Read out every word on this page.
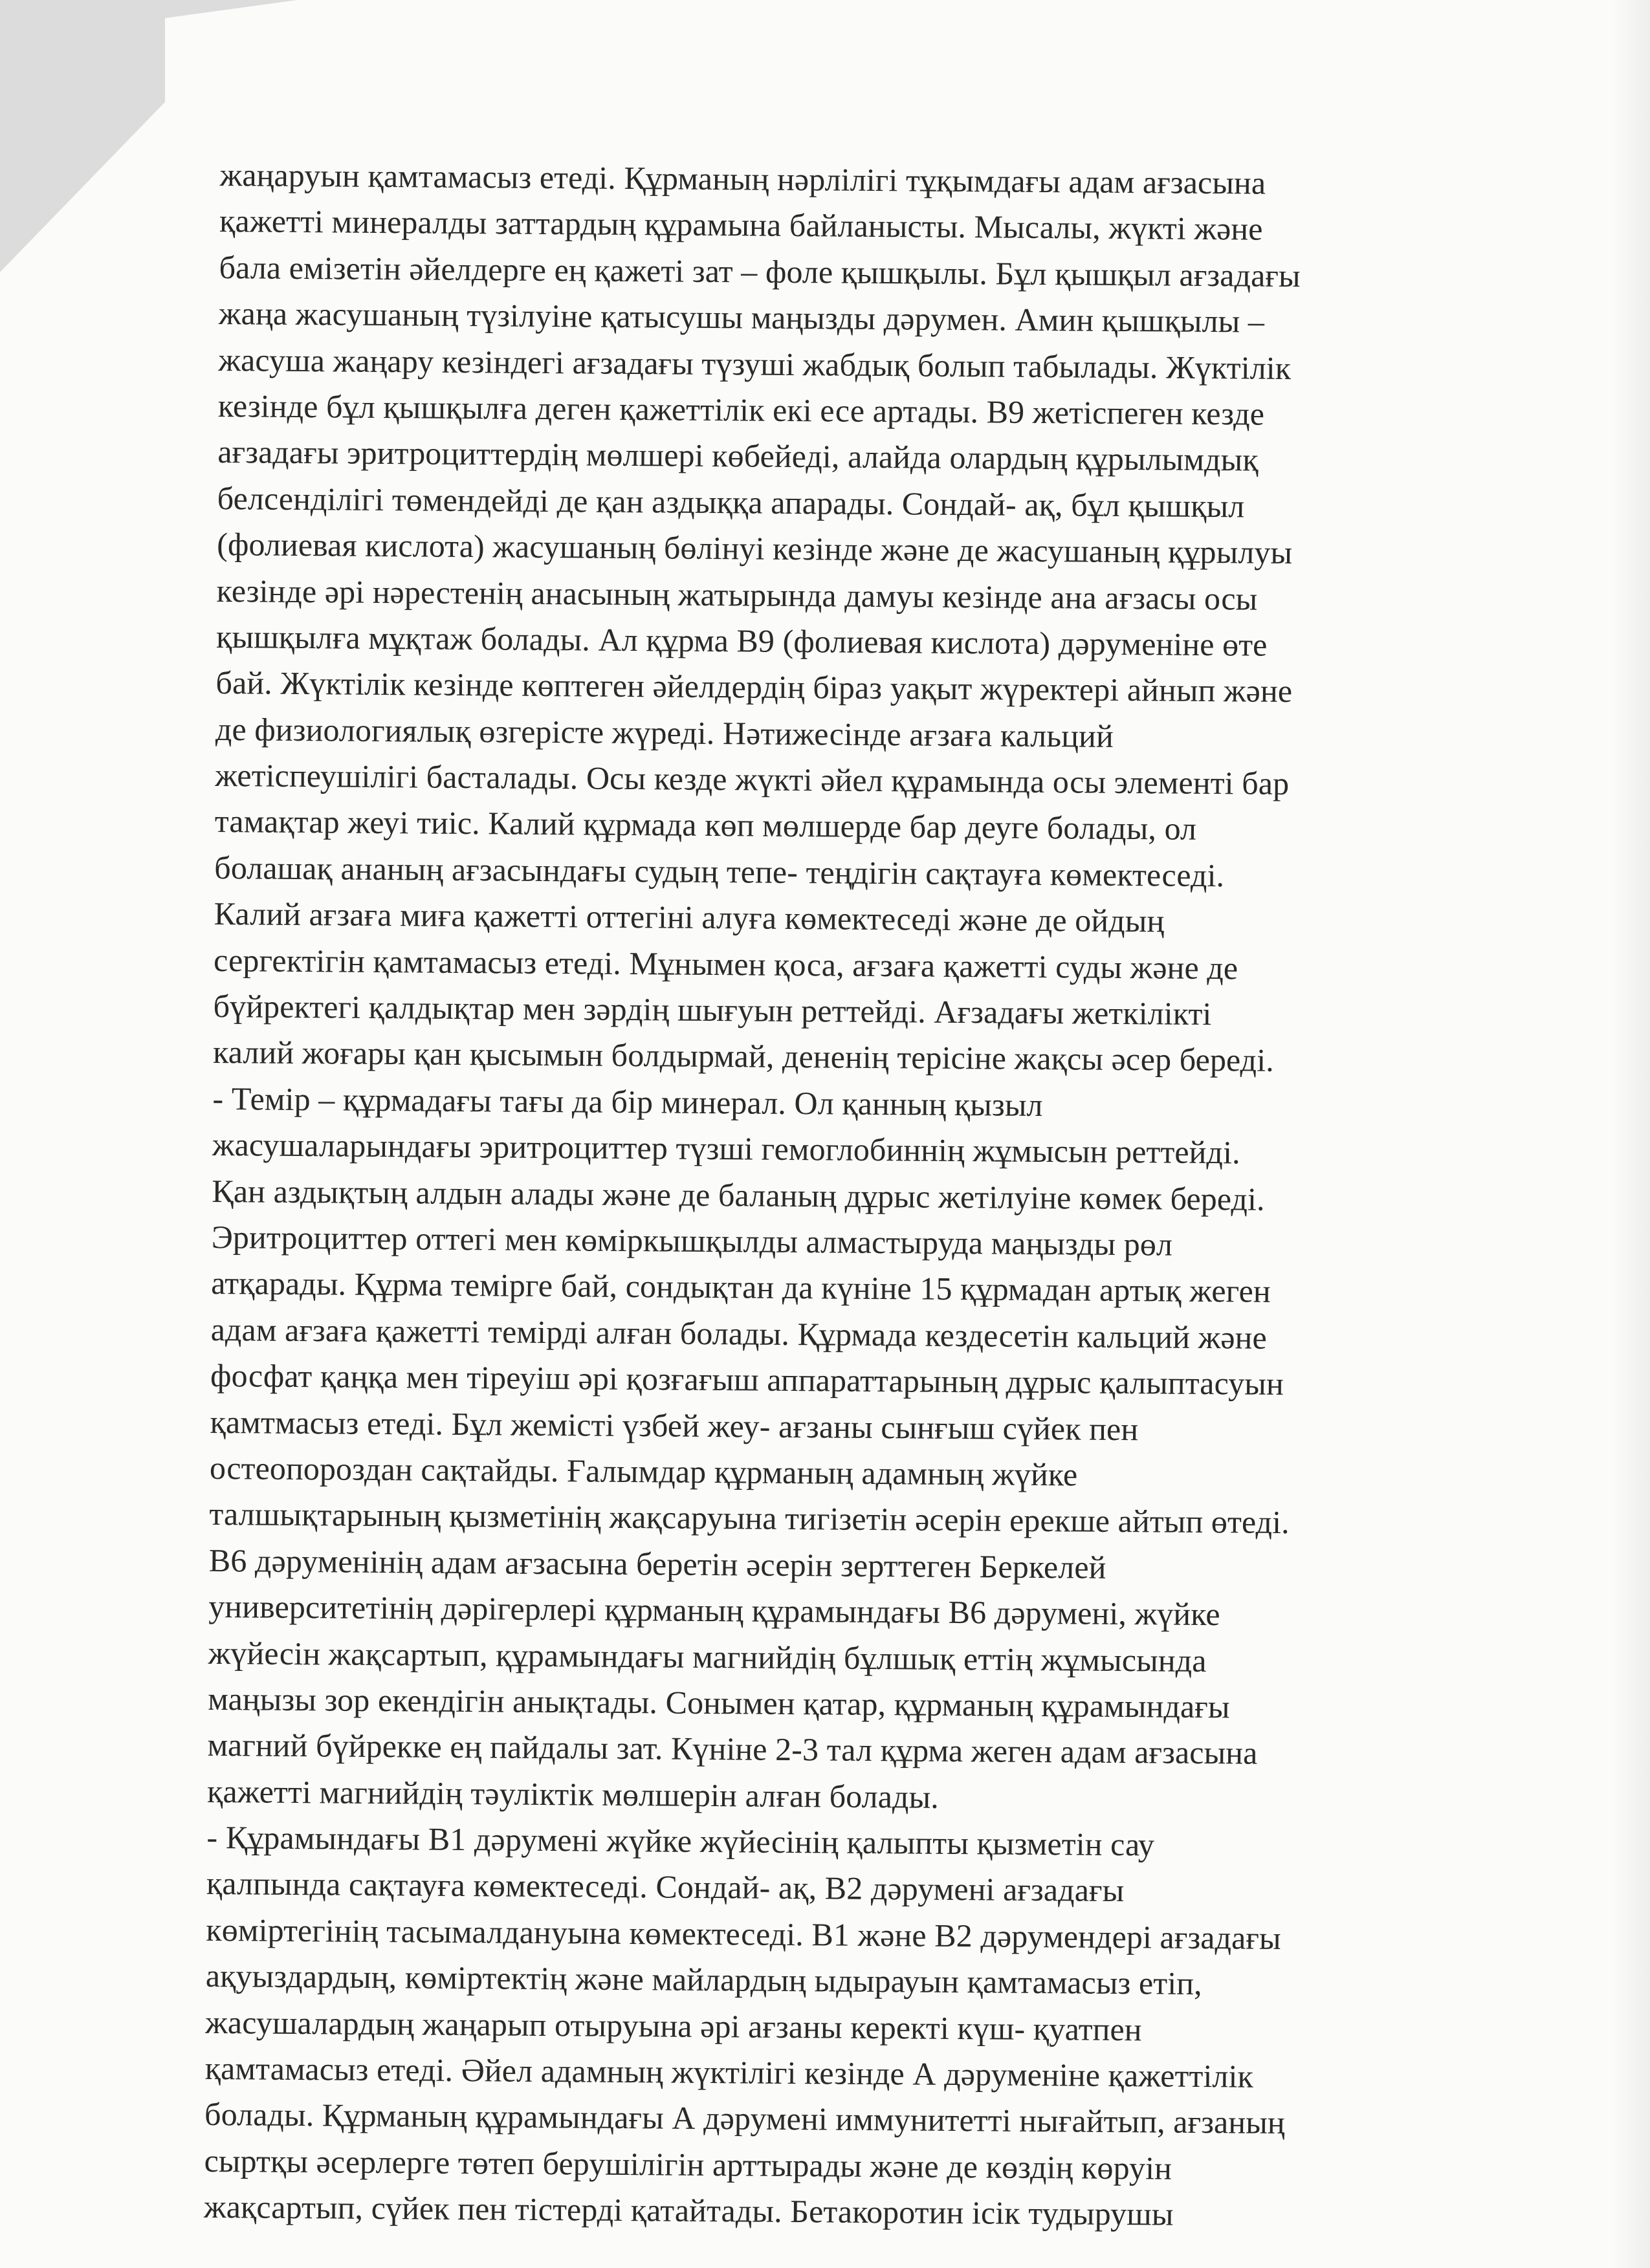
жаңаруын қамтамасыз етеді. Құрманың нәрлілігі тұқымдағы адам ағзасына
қажетті минералды заттардың құрамына байланысты. Мысалы, жүкті және
бала емізетін әйелдерге ең қажеті зат – фоле қышқылы. Бұл қышқыл ағзадағы
жаңа жасушаның түзілуіне қатысушы маңызды дәрумен. Амин қышқылы –
жасуша жаңару кезіндегі ағзадағы түзуші жабдық болып табылады. Жүктілік
кезінде бұл қышқылға деген қажеттілік екі есе артады. В9 жетіспеген кезде
ағзадағы эритроциттердің мөлшері көбейеді, алайда олардың құрылымдық
белсенділігі төмендейді де қан аздыққа апарады. Сондай- ақ, бұл қышқыл
(фолиевая кислота) жасушаның бөлінуі кезінде және де жасушаның құрылуы
кезінде әрі нәрестенің анасының жатырында дамуы кезінде ана ағзасы осы
қышқылға мұқтаж болады. Ал құрма В9 (фолиевая кислота) дәруменіне өте
бай. Жүктілік кезінде көптеген әйелдердің біраз уақыт жүректері айнып және
де физиологиялық өзгерісте жүреді. Нәтижесінде ағзаға кальций
жетіспеушілігі басталады. Осы кезде жүкті әйел құрамында осы элементі бар
тамақтар жеуі тиіс. Калий құрмада көп мөлшерде бар деуге болады, ол
болашақ ананың ағзасындағы судың тепе- теңдігін сақтауға көмектеседі.
Калий ағзаға миға қажетті оттегіні алуға көмектеседі және де ойдың
сергектігін қамтамасыз етеді. Мұнымен қоса, ағзаға қажетті суды және де
бүйректегі қалдықтар мен зәрдің шығуын реттейді. Ағзадағы жеткілікті
калий жоғары қан қысымын болдырмай, дененің терісіне жақсы әсер береді.
- Темір – құрмадағы тағы да бір минерал. Ол қанның қызыл
жасушаларындағы эритроциттер түзші гемоглобиннің жұмысын реттейді.
Қан аздықтың алдын алады және де баланың дұрыс жетілуіне көмек береді.
Эритроциттер оттегі мен көміркышқылды алмастыруда маңызды рөл
атқарады. Құрма темірге бай, сондықтан да күніне 15 құрмадан артық жеген
адам ағзаға қажетті темірді алған болады. Құрмада кездесетін кальций және
фосфат қаңқа мен тіреуіш әрі қозғағыш аппараттарының дұрыс қалыптасуын
қамтмасыз етеді. Бұл жемісті үзбей жеу- ағзаны сынғыш сүйек пен
остеопороздан сақтайды. Ғалымдар құрманың адамның жүйке
талшықтарының қызметінің жақсаруына тигізетін әсерін ерекше айтып өтеді.
В6 дәруменінің адам ағзасына беретін әсерін зерттеген Беркелей
университетінің дәрігерлері құрманың құрамындағы В6 дәрумені, жүйке
жүйесін жақсартып, құрамындағы магнийдің бұлшық еттің жұмысында
маңызы зор екендігін анықтады. Сонымен қатар, құрманың құрамындағы
магний бүйрекке ең пайдалы зат. Күніне 2-3 тал құрма жеген адам ағзасына
қажетті магнийдің тәуліктік мөлшерін алған болады.
- Құрамындағы В1 дәрумені жүйке жүйесінің қалыпты қызметін сау
қалпында сақтауға көмектеседі. Сондай- ақ, В2 дәрумені ағзадағы
көміртегінің тасымалдануына көмектеседі. В1 және В2 дәрумендері ағзадағы
ақуыздардың, көміртектің және майлардың ыдырауын қамтамасыз етіп,
жасушалардың жаңарып отыруына әрі ағзаны керекті күш- қуатпен
қамтамасыз етеді. Әйел адамның жүктілігі кезінде А дәруменіне қажеттілік
болады. Құрманың құрамындағы А дәрумені иммунитетті нығайтып, ағзаның
сыртқы әсерлерге төтеп берушілігін арттырады және де көздің көруін
жақсартып, сүйек пен тістерді қатайтады. Бетакоротин ісік тудырушы
